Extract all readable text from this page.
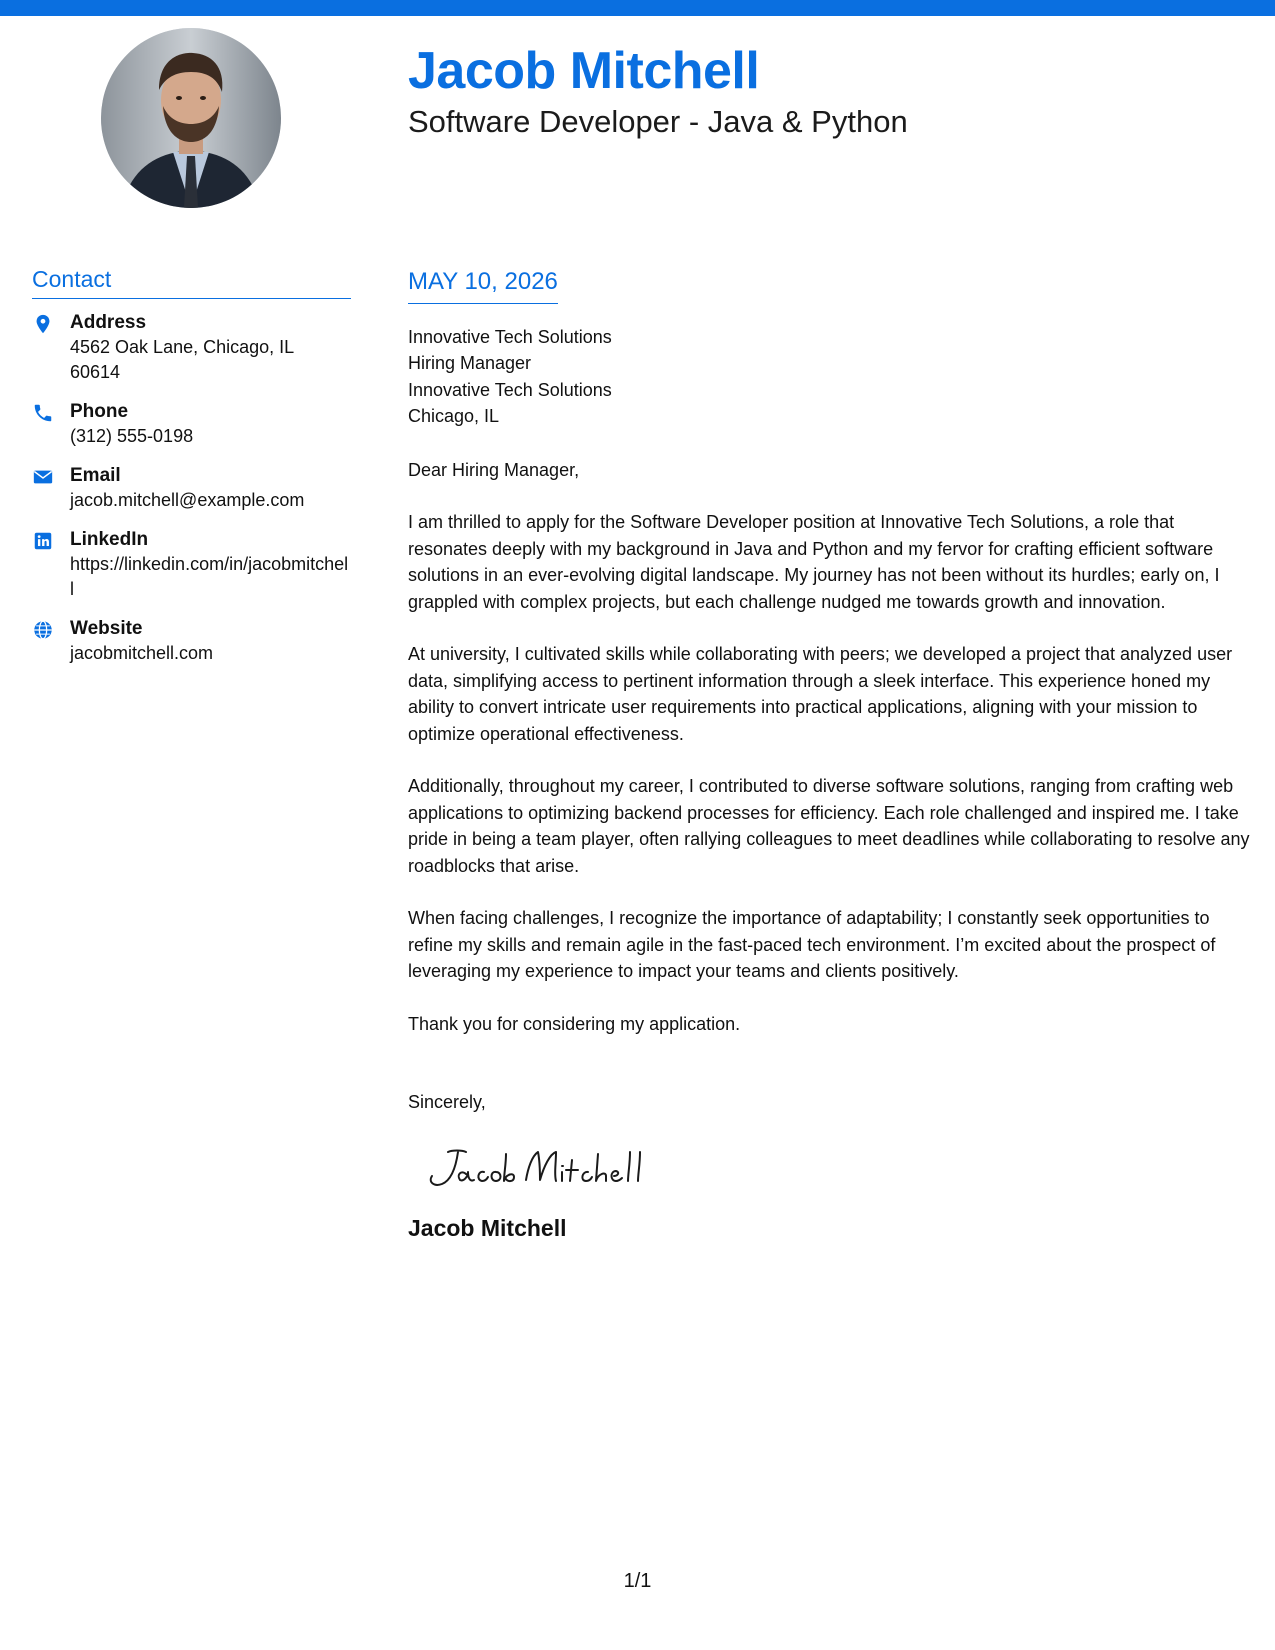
Jacob Mitchell
Software Developer - Java & Python
Contact
Address
4562 Oak Lane, Chicago, IL 60614
Phone
(312) 555-0198
Email
jacob.mitchell@example.com
LinkedIn
https://linkedin.com/in/jacobmitchell
Website
jacobmitchell.com
MAY 10, 2026
Innovative Tech Solutions
Hiring Manager
Innovative Tech Solutions
Chicago, IL
Dear Hiring Manager,

I am thrilled to apply for the Software Developer position at Innovative Tech Solutions, a role that resonates deeply with my background in Java and Python and my fervor for crafting efficient software solutions in an ever-evolving digital landscape. My journey has not been without its hurdles; early on, I grappled with complex projects, but each challenge nudged me towards growth and innovation.

At university, I cultivated skills while collaborating with peers; we developed a project that analyzed user data, simplifying access to pertinent information through a sleek interface. This experience honed my ability to convert intricate user requirements into practical applications, aligning with your mission to optimize operational effectiveness.

Additionally, throughout my career, I contributed to diverse software solutions, ranging from crafting web applications to optimizing backend processes for efficiency. Each role challenged and inspired me. I take pride in being a team player, often rallying colleagues to meet deadlines while collaborating to resolve any roadblocks that arise.

When facing challenges, I recognize the importance of adaptability; I constantly seek opportunities to refine my skills and remain agile in the fast-paced tech environment. I’m excited about the prospect of leveraging my experience to impact your teams and clients positively.

Thank you for considering my application.

Sincerely,
Jacob Mitchell
1/1
